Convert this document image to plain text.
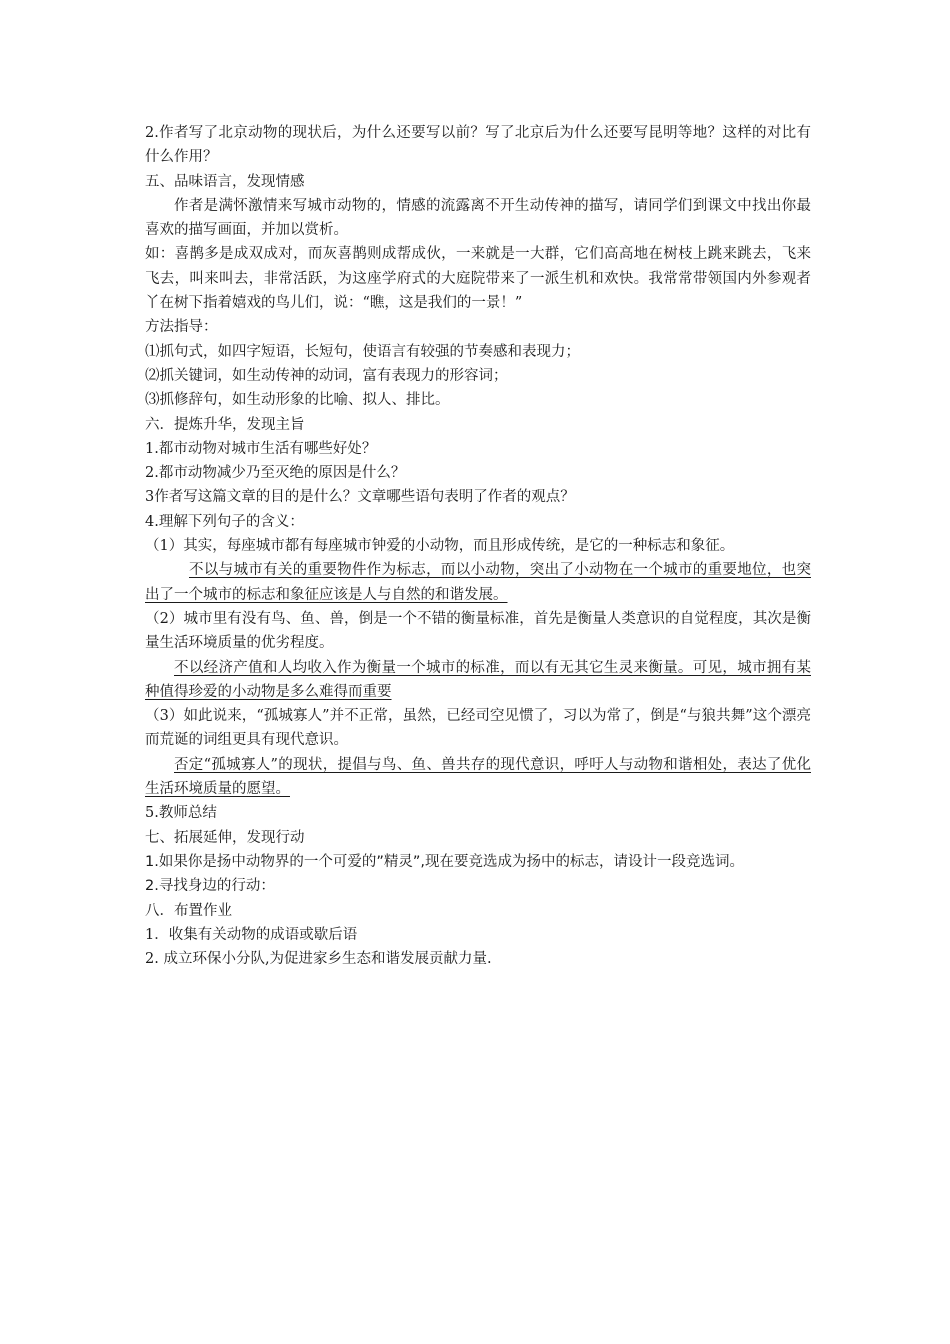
2.作者写了北京动物的现状后，为什么还要写以前？写了北京后为什么还要写昆明等地？这样的对比有什么作用？

五、品味语言，发现情感

作者是满怀激情来写城市动物的，情感的流露离不开生动传神的描写，请同学们到课文中找出你最喜欢的描写画面，并加以赏析。

如：喜鹊多是成双成对，而灰喜鹊则成帮成伙，一来就是一大群，它们高高地在树枝上跳来跳去，飞来飞去，叫来叫去，非常活跃，为这座学府式的大庭院带来了一派生机和欢快。我常常带领国内外参观者丫在树下指着嬉戏的鸟儿们，说：“瞧，这是我们的一景！”

方法指导：

⑴抓句式，如四字短语，长短句，使语言有较强的节奏感和表现力；

⑵抓关键词，如生动传神的动词，富有表现力的形容词；

⑶抓修辞句，如生动形象的比喻、拟人、排比。

六．提炼升华，发现主旨

1.都市动物对城市生活有哪些好处？

2.都市动物减少乃至灭绝的原因是什么？

3作者写这篇文章的目的是什么？文章哪些语句表明了作者的观点？

4.理解下列句子的含义：

（1）其实，每座城市都有每座城市钟爱的小动物，而且形成传统，是它的一种标志和象征。

不以与城市有关的重要物件作为标志，而以小动物，突出了小动物在一个城市的重要地位，也突出了一个城市的标志和象征应该是人与自然的和谐发展。

（2）城市里有没有鸟、鱼、兽，倒是一个不错的衡量标准，首先是衡量人类意识的自觉程度，其次是衡量生活环境质量的优劣程度。

不以经济产值和人均收入作为衡量一个城市的标准，而以有无其它生灵来衡量。可见，城市拥有某种值得珍爱的小动物是多么难得而重要

（3）如此说来，“孤城寡人”并不正常，虽然，已经司空见惯了，习以为常了，倒是“与狼共舞”这个漂亮而荒诞的词组更具有现代意识。

否定“孤城寡人”的现状，提倡与鸟、鱼、兽共存的现代意识，呼吁人与动物和谐相处，表达了优化生活环境质量的愿望。

5.教师总结

七、拓展延伸，发现行动

1.如果你是扬中动物界的一个可爱的”精灵”,现在要竞选成为扬中的标志，请设计一段竞选词。

2.寻找身边的行动：

八．布置作业

1．收集有关动物的成语或歇后语

2. 成立环保小分队,为促进家乡生态和谐发展贡献力量.
